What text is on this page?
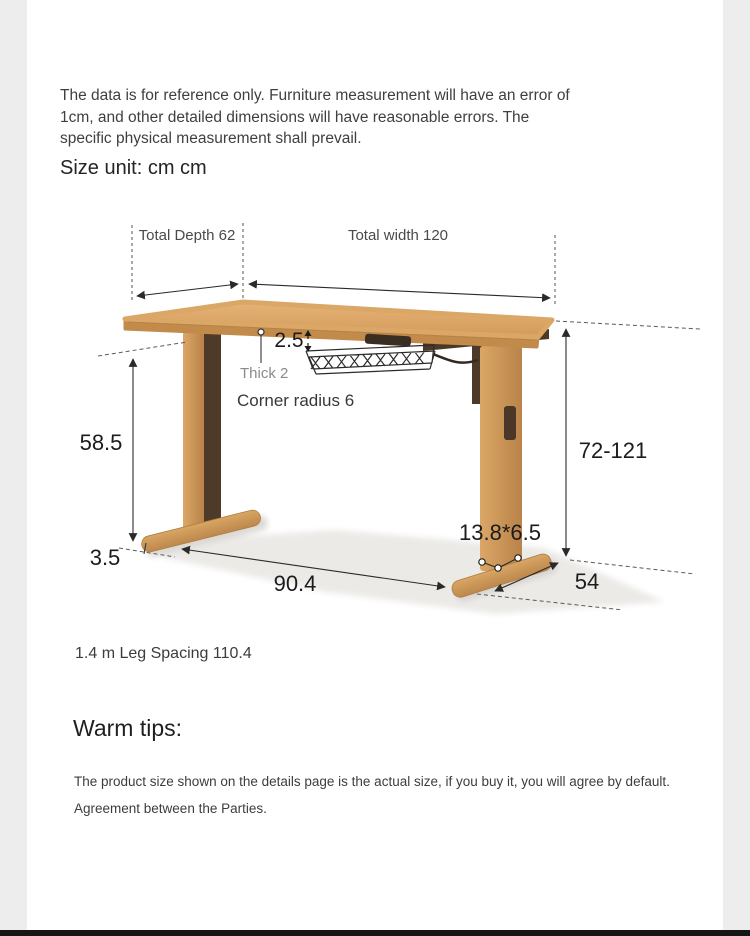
The data is for reference only. Furniture measurement will have an error of 1cm, and other detailed dimensions will have reasonable errors. The specific physical measurement shall prevail.
Size unit: cm cm
Total Depth 62	Total width 120
2.5
Thick 2
Corner radius 6
58.5
3.5
90.4
72-121
13.8*6.5
54
1.4 m Leg Spacing 110.4
Warm tips:
The product size shown on the details page is the actual size, if you buy it, you will agree by default.
Agreement between the Parties.
